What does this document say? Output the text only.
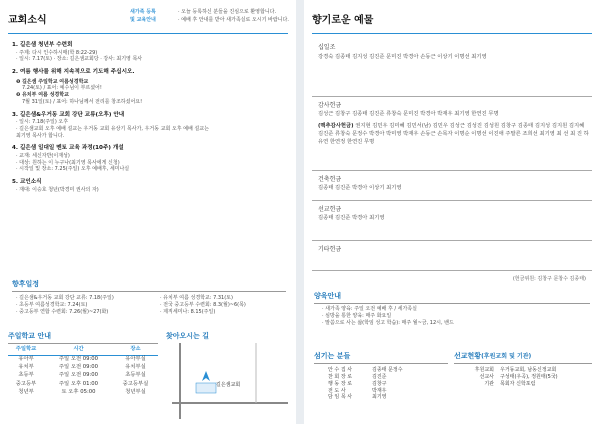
교회소식
새가족 등록	· 오늘 등록하신 분들을 진심으로 환영합니다.
및 교육안내	· 예배 후 안내를 받아 새가족실로 오시기 바랍니다.
1. 길은샘 청년부 수련회
· 주제: 다시 인수하시매(학 8:22-29)
· 일시: 7.17(토) · 장소: 길은샘교회당 · 강사: 최기영 목사
2. 여름 행사를 위해 지속적으로 기도해 주십시오.
❶ 길은샘 주일학교 여름성경학교
7.24(토) / 표어: 예수님이 부르셨어!
❷ 유치부 여름 성경학교
7월 31일(토) / 표어: 하나님께서 전리를 창조하셨어요!
3. 길은샘&우거동 교회 강단 교류(오후) 안내
· 일시: 7.18(주일) 오후
· 길은샘교회 오후 예배 설교는 우거동 교회 유상기 목사가, 우거동 교회 오후 예배 설교는
최기영 목사가 합니다.
4. 길은샘 일대일 멘토 교육 과정(10주) 개설
· 교재: 세신자반(이재성)
· 대상: 원하는 이 누구나(최기영 목사에게 신청)
· 시작일 및 장소: 7.25(주일) 오후 예배후, 세미나실
5. 교인소식
· 재대: 이승호 청년(박경미 권사의 자)
향후일정
· 길은샘&우거동 교회 강단 교류: 7.18(주일)	· 유치부 여름 성경학교: 7.31(토)
· 초등부 여름성경학교: 7.24(토)	· 전국 중고등부 수련회: 8.3(월)~6(목)
· 중고등부 연합 수련회: 7.26(월)~27(화)	· 제직세미나: 8.15(주일)
주일학교 안내
주일학교	시간	장소
유아부	주일 오전 09:00	유아부실
유치부	주일 오전 09:00	유치부실
초등부	주일 오전 09:00	초등부실
중고등부	주일 오후 01:00	중고등부실
청년부	토 오후 05:00	청년부실
찾아오시는 길
길은샘교회
향기로운 예물
십일조
강경숙 김종태 김지성 김진준 문미진 박경아 손동근 이상기 이명선 최기영
감사헌금
김성근 김창구 김종태 김진준 류창숙 문미진 박경아 박재우 최기영 한연진 무명
(맥추감사헌금) 권지현 김민우 김미혜 김민서(남) 김민우 김성근 김성진 김성원 김창구 김종태 김지성 김지원 김지혜 김진준 류창숙 문정수 박경아 박미영 박재우 손동근 손목자 이명순 이명선 이진애 주말른 조희선 최기영 최 선 최 진 하유연 한연정 한연진 무명
건축헌금
김종태 김진준 박경아 이상기 최기영
선교헌금
김종태 김진준 박경아 최기영
기타헌금
(헌금위원: 김창구 문창수 김종태)
양육안내
· 새가족 양육: 주일 오전 예배 후 / 세가족실
· 심방을 통한 양육: 매주 화요일
· 말씀으로 사는 삶(학임 성고 학습): 매주 월~금, 12시, 밴드
섬기는 분들
안 수 집 사	김종태 문정수
찬 회 장 로	김진준
행 동 장 로	김창구
전 도 사	박재우
담 임 목 사	최기영
선교현황(후원교회 및 기관)
후원교회 우거동교회, 남동신정교회
선교사 구성태(우곡), 정원태(5국)
기관 목회자 신학포럼
